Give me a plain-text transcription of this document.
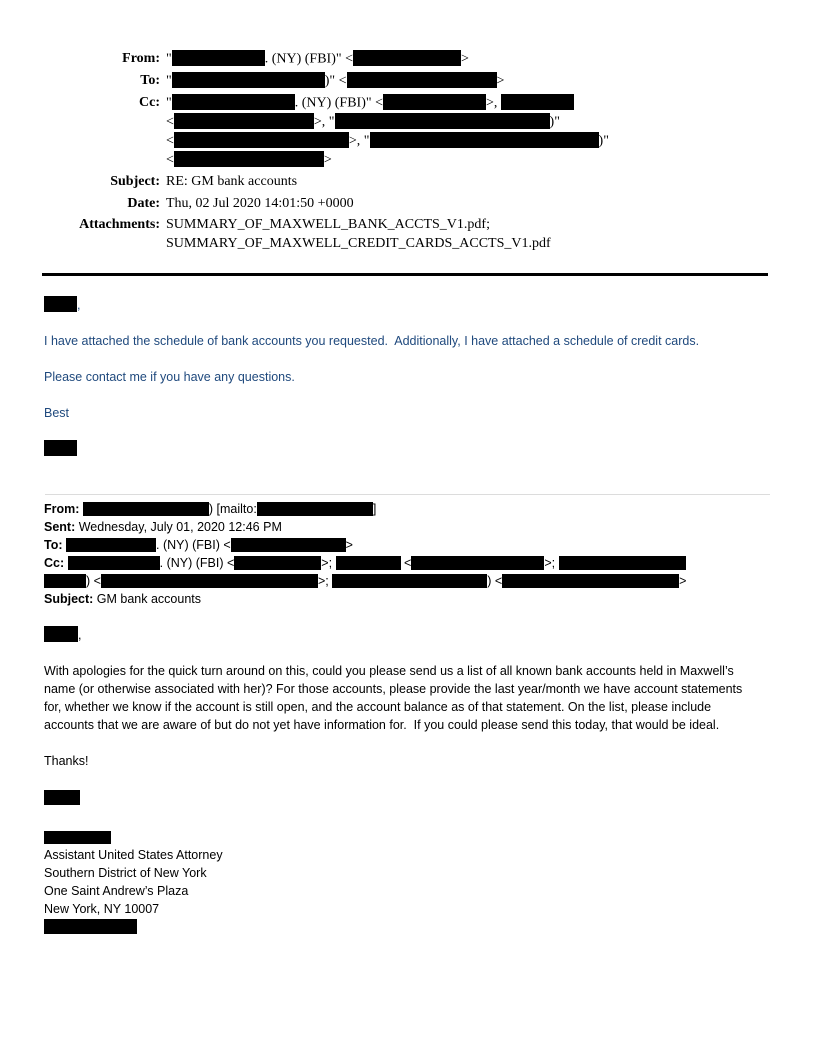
From: "	. (NY) (FBI)" <	>
To: "	)" <	>
Cc: "	. (NY) (FBI)" <	>,
<	>, "	)"
<	>, "	)"
<	>
Subject: RE: GM bank accounts
Date: Thu, 02 Jul 2020 14:01:50 +0000
Attachments: SUMMARY_OF_MAXWELL_BANK_ACCTS_V1.pdf;
SUMMARY_OF_MAXWELL_CREDIT_CARDS_ACCTS_V1.pdf
,

I have attached the schedule of bank accounts you requested.  Additionally, I have attached a schedule of credit cards.

Please contact me if you have any questions.

Best

From:	) [mailto:	]
Sent: Wednesday, July 01, 2020 12:46 PM
To:	. (NY) (FBI) <	>
Cc:	. (NY) (FBI) <	>;	<	>;
) <	>;	) <	>
Subject: GM bank accounts
,

With apologies for the quick turn around on this, could you please send us a list of all known bank accounts held in Maxwell’s name (or otherwise associated with her)? For those accounts, please provide the last year/month we have account statements for, whether we know if the account is still open, and the account balance as of that statement. On the list, please include accounts that we are aware of but do not yet have information for.  If you could please send this today, that would be ideal.

Thanks!

Assistant United States Attorney
Southern District of New York
One Saint Andrew’s Plaza
New York, NY 10007
